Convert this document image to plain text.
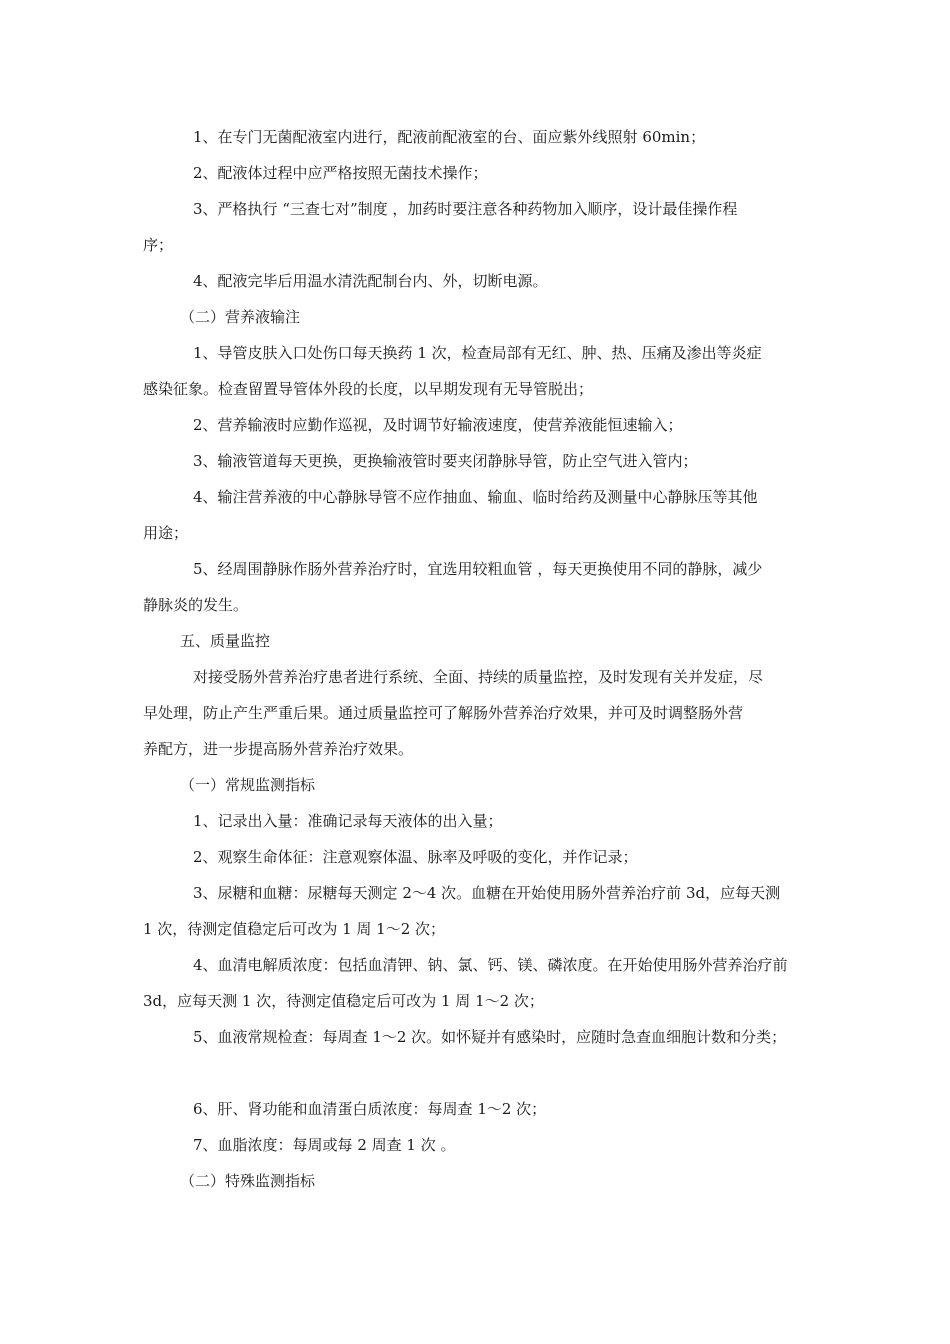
1、在专门无菌配液室内进行，配液前配液室的台、面应紫外线照射 60min；
2、配液体过程中应严格按照无菌技术操作；
3、严格执行 “三查七对”制度 ，加药时要注意各种药物加入顺序，设计最佳操作程
序；
4、配液完毕后用温水清洗配制台内、外，切断电源。
（二）营养液输注
1、导管皮肤入口处伤口每天换药 1 次，检查局部有无红、肿、热、压痛及渗出等炎症
感染征象。检查留置导管体外段的长度，以早期发现有无导管脱出；
2、营养输液时应勤作巡视，及时调节好输液速度，使营养液能恒速输入；
3、输液管道每天更换，更换输液管时要夹闭静脉导管，防止空气进入管内；
4、输注营养液的中心静脉导管不应作抽血、输血、临时给药及测量中心静脉压等其他
用途；
5、经周围静脉作肠外营养治疗时，宜选用较粗血管 ，每天更换使用不同的静脉，减少
静脉炎的发生。
五、质量监控
对接受肠外营养治疗患者进行系统、全面、持续的质量监控，及时发现有关并发症，尽
早处理，防止产生严重后果。通过质量监控可了解肠外营养治疗效果，并可及时调整肠外营
养配方，进一步提高肠外营养治疗效果。
（一）常规监测指标
1、记录出入量：准确记录每天液体的出入量；
2、观察生命体征：注意观察体温、脉率及呼吸的变化，并作记录；
3、尿糖和血糖：尿糖每天测定 2～4 次。血糖在开始使用肠外营养治疗前 3d，应每天测
1 次，待测定值稳定后可改为 1 周 1～2 次；
4、血清电解质浓度：包括血清钾、钠、氯、钙、镁、磷浓度。在开始使用肠外营养治疗前
3d，应每天测 1 次，待测定值稳定后可改为 1 周 1～2 次；
5、血液常规检查：每周查 1～2 次。如怀疑并有感染时，应随时急查血细胞计数和分类；
6、肝、肾功能和血清蛋白质浓度：每周查 1～2 次；
7、血脂浓度：每周或每 2 周查 1 次 。
（二）特殊监测指标
